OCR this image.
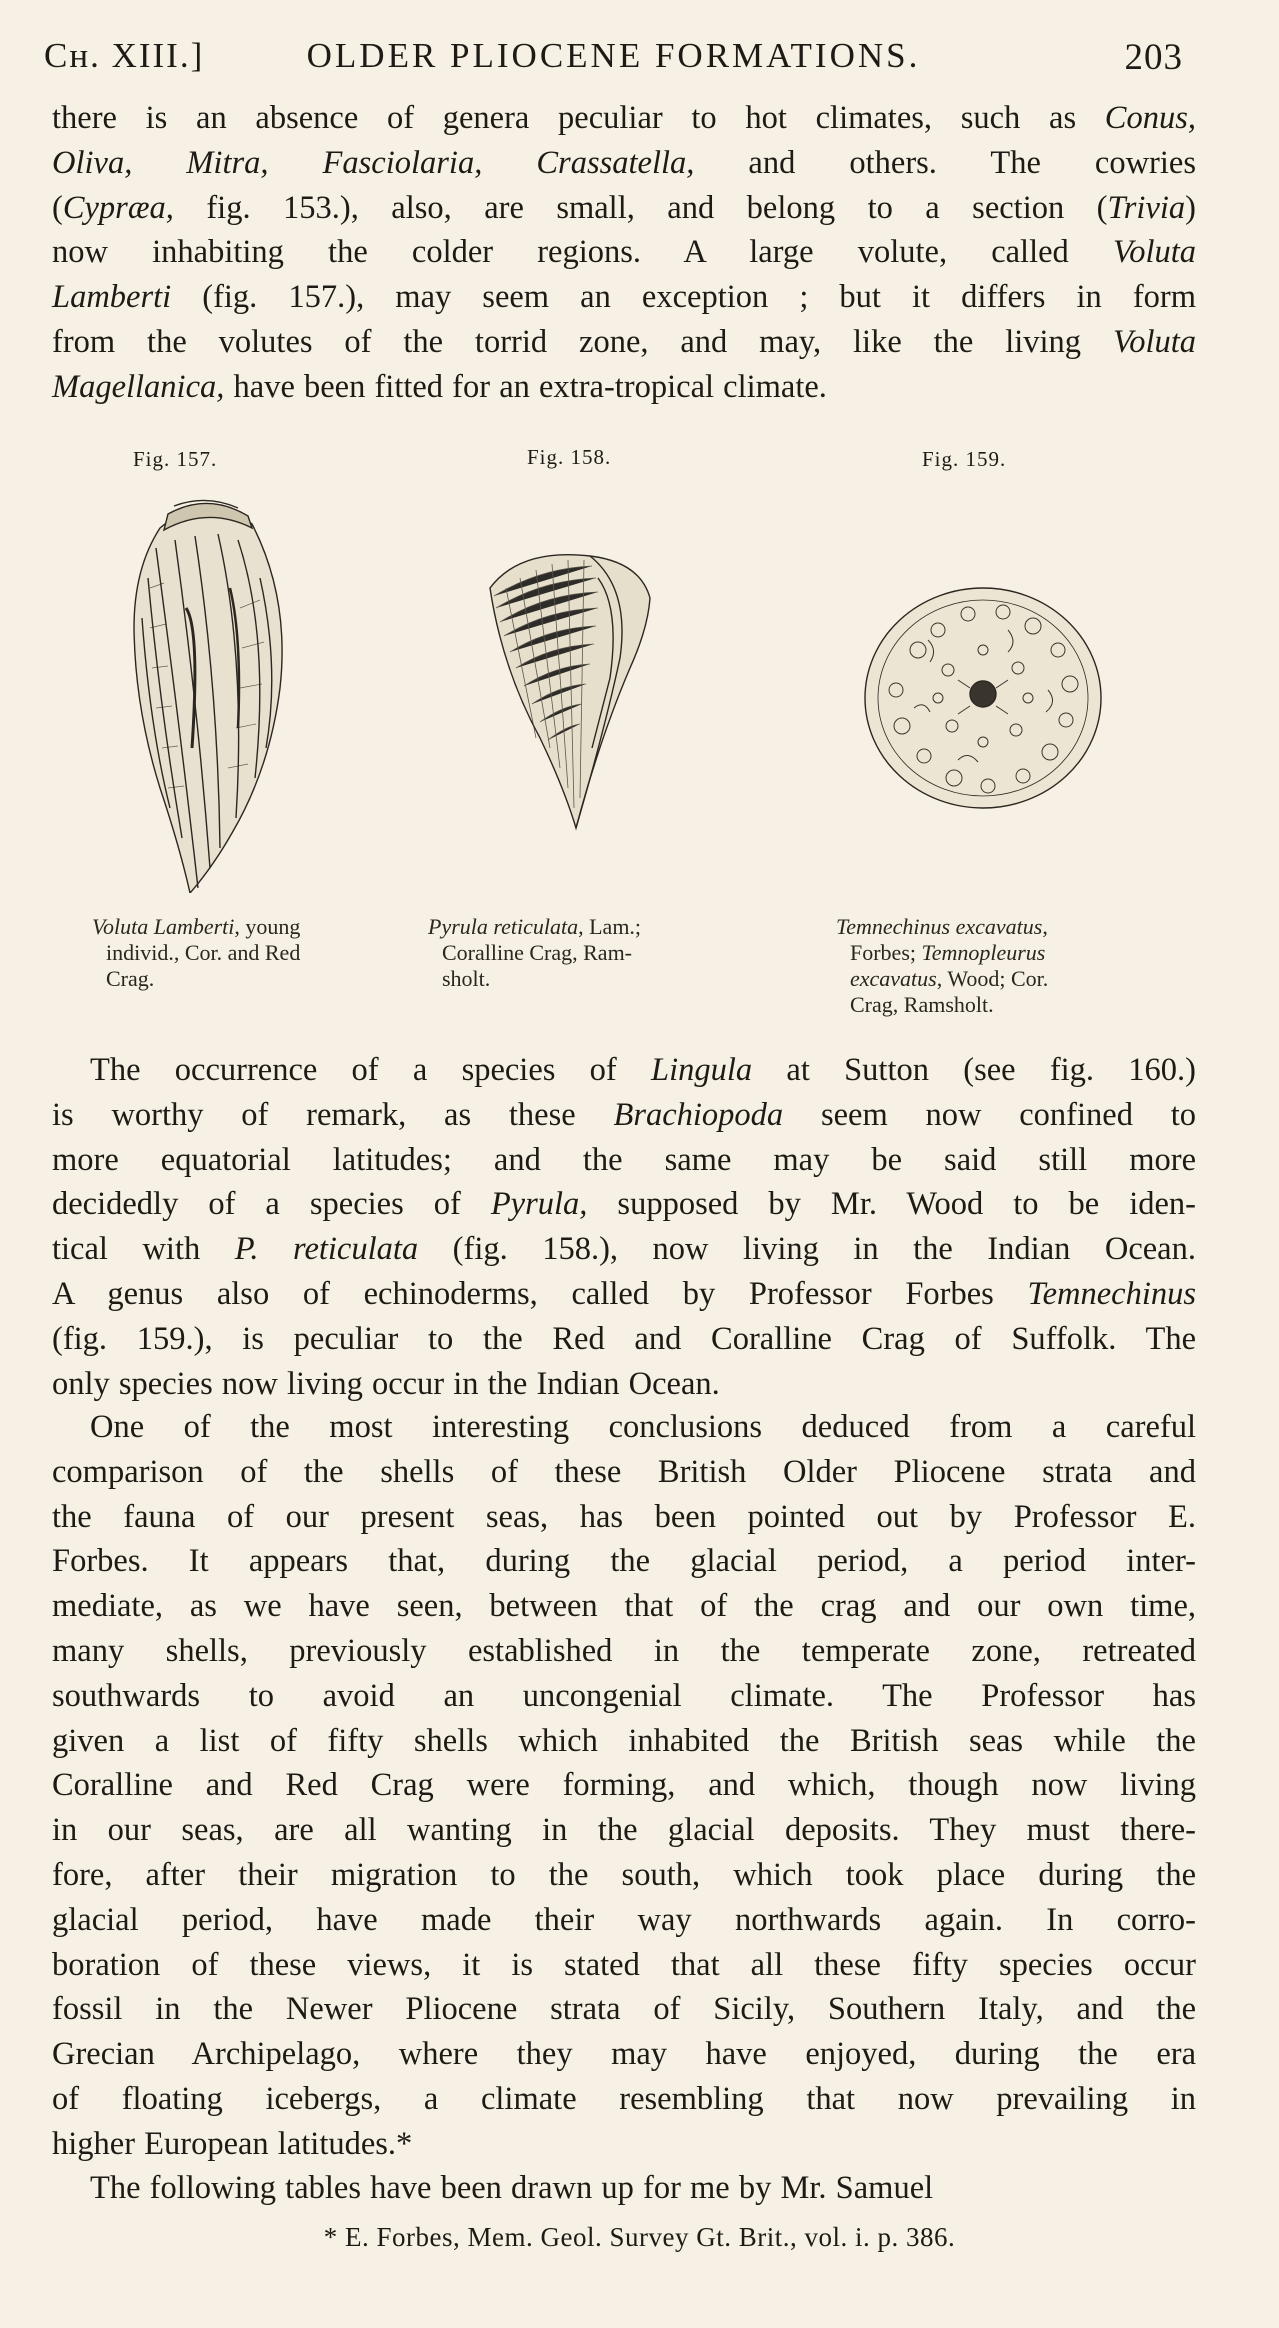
Cн. XIII.]	OLDER PLIOCENE FORMATIONS.	203
there is an absence of genera peculiar to hot climates, such as Conus,
Oliva, Mitra, Fasciolaria, Crassatella, and others. The cowries
(Cypræa, fig. 153.), also, are small, and belong to a section (Trivia)
now inhabiting the colder regions. A large volute, called Voluta
Lamberti (fig. 157.), may seem an exception ; but it differs in form
from the volutes of the torrid zone, and may, like the living Voluta
Magellanica, have been fitted for an extra-tropical climate.
Fig. 157.	Fig. 158.	Fig. 159.
Voluta Lamberti, young
individ., Cor. and Red
Crag.
Pyrula reticulata, Lam.;
Coralline Crag, Ram-
sholt.
Temnechinus excavatus,
Forbes; Temnopleurus
excavatus, Wood; Cor.
Crag, Ramsholt.
The occurrence of a species of Lingula at Sutton (see fig. 160.)
is worthy of remark, as these Brachiopoda seem now confined to
more equatorial latitudes; and the same may be said still more
decidedly of a species of Pyrula, supposed by Mr. Wood to be iden-
tical with P. reticulata (fig. 158.), now living in the Indian Ocean.
A genus also of echinoderms, called by Professor Forbes Temnechinus
(fig. 159.), is peculiar to the Red and Coralline Crag of Suffolk. The
only species now living occur in the Indian Ocean.
One of the most interesting conclusions deduced from a careful
comparison of the shells of these British Older Pliocene strata and
the fauna of our present seas, has been pointed out by Professor E.
Forbes. It appears that, during the glacial period, a period inter-
mediate, as we have seen, between that of the crag and our own time,
many shells, previously established in the temperate zone, retreated
southwards to avoid an uncongenial climate. The Professor has
given a list of fifty shells which inhabited the British seas while the
Coralline and Red Crag were forming, and which, though now living
in our seas, are all wanting in the glacial deposits. They must there-
fore, after their migration to the south, which took place during the
glacial period, have made their way northwards again. In corro-
boration of these views, it is stated that all these fifty species occur
fossil in the Newer Pliocene strata of Sicily, Southern Italy, and the
Grecian Archipelago, where they may have enjoyed, during the era
of floating icebergs, a climate resembling that now prevailing in
higher European latitudes.*
The following tables have been drawn up for me by Mr. Samuel
* E. Forbes, Mem. Geol. Survey Gt. Brit., vol. i. p. 386.
